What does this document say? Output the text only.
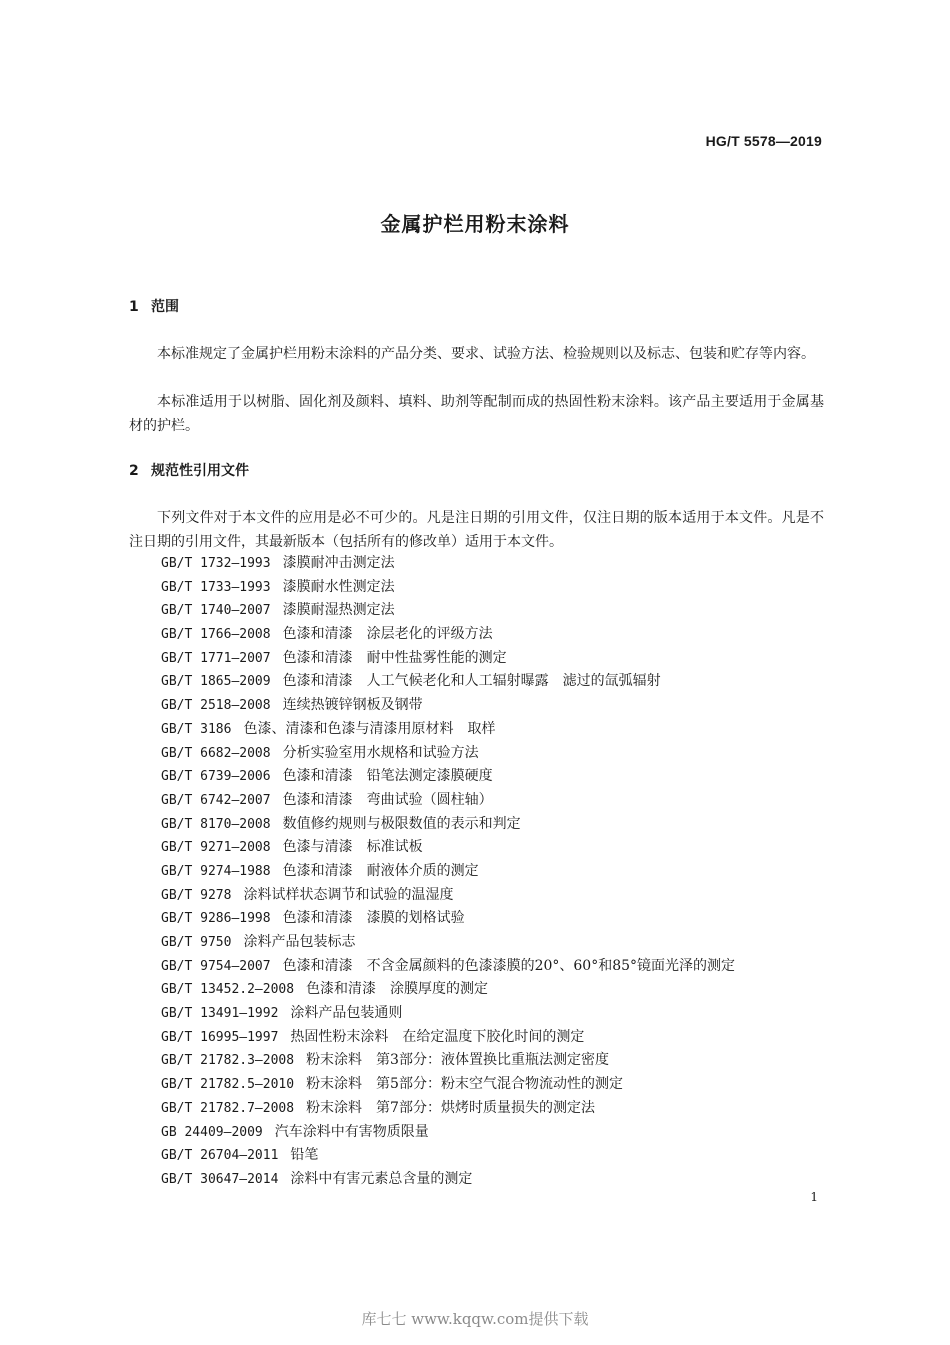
HG/T 5578—2019
金属护栏用粉末涂料
1 范围

本标准规定了金属护栏用粉末涂料的产品分类、要求、试验方法、检验规则以及标志、包装和贮存等内容。

本标准适用于以树脂、固化剂及颜料、填料、助剂等配制而成的热固性粉末涂料。该产品主要适用于金属基材的护栏。

2 规范性引用文件

下列文件对于本文件的应用是必不可少的。凡是注日期的引用文件，仅注日期的版本适用于本文件。凡是不注日期的引用文件，其最新版本（包括所有的修改单）适用于本文件。

GB/T 1732—1993 漆膜耐冲击测定法
GB/T 1733—1993 漆膜耐水性测定法
GB/T 1740—2007 漆膜耐湿热测定法
GB/T 1766—2008 色漆和清漆　涂层老化的评级方法
GB/T 1771—2007 色漆和清漆　耐中性盐雾性能的测定
GB/T 1865—2009 色漆和清漆　人工气候老化和人工辐射曝露　滤过的氙弧辐射
GB/T 2518—2008 连续热镀锌钢板及钢带
GB/T 3186 色漆、清漆和色漆与清漆用原材料　取样
GB/T 6682—2008 分析实验室用水规格和试验方法
GB/T 6739—2006 色漆和清漆　铅笔法测定漆膜硬度
GB/T 6742—2007 色漆和清漆　弯曲试验（圆柱轴）
GB/T 8170—2008 数值修约规则与极限数值的表示和判定
GB/T 9271—2008 色漆与清漆　标准试板
GB/T 9274—1988 色漆和清漆　耐液体介质的测定
GB/T 9278 涂料试样状态调节和试验的温湿度
GB/T 9286—1998 色漆和清漆　漆膜的划格试验
GB/T 9750 涂料产品包装标志
GB/T 9754—2007 色漆和清漆　不含金属颜料的色漆漆膜的20°、60°和85°镜面光泽的测定
GB/T 13452.2—2008 色漆和清漆　涂膜厚度的测定
GB/T 13491—1992 涂料产品包装通则
GB/T 16995—1997 热固性粉末涂料　在给定温度下胶化时间的测定
GB/T 21782.3—2008 粉末涂料　第3部分：液体置换比重瓶法测定密度
GB/T 21782.5—2010 粉末涂料　第5部分：粉末空气混合物流动性的测定
GB/T 21782.7—2008 粉末涂料　第7部分：烘烤时质量损失的测定法
GB 24409—2009 汽车涂料中有害物质限量
GB/T 26704—2011 铅笔
GB/T 30647—2014 涂料中有害元素总含量的测定
1
库七七 www.kqqw.com提供下载
